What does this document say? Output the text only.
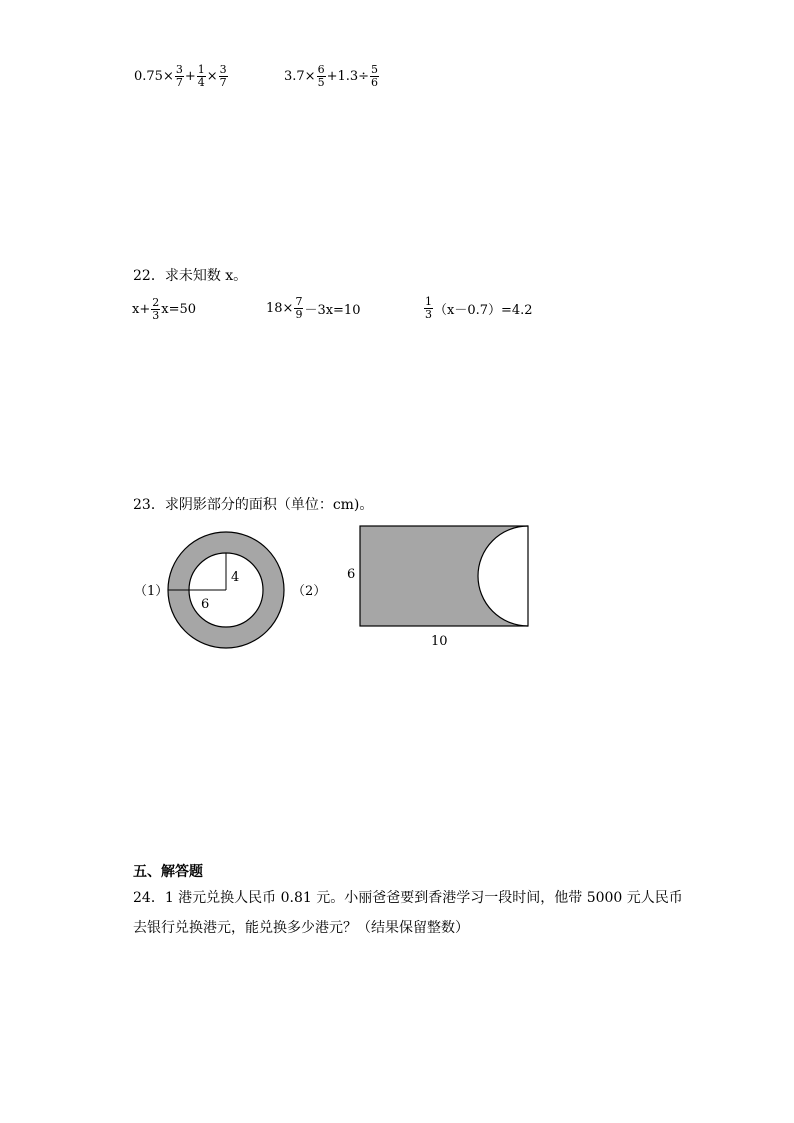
$0.75\times \frac{3}{7} + \frac{1}{4} \times \frac{3}{7}$	$3.7\times \frac{6}{5} +1.3\div \frac{5}{6}$
22．求未知数 x。
$x+ \frac{2}{3} x=50$	$18\times \frac{7}{9} -3x=10$	$\frac{1}{3} (x-0.7)=4.2$
23．求阴影部分的面积（单位：cm)。
4
6
（1）	（2）
6
10
五、解答题
24．1 港元兑换人民币 0.81 元。小丽爸爸要到香港学习一段时间，他带 5000 元人民币
去银行兑换港元，能兑换多少港元？（结果保留整数）
